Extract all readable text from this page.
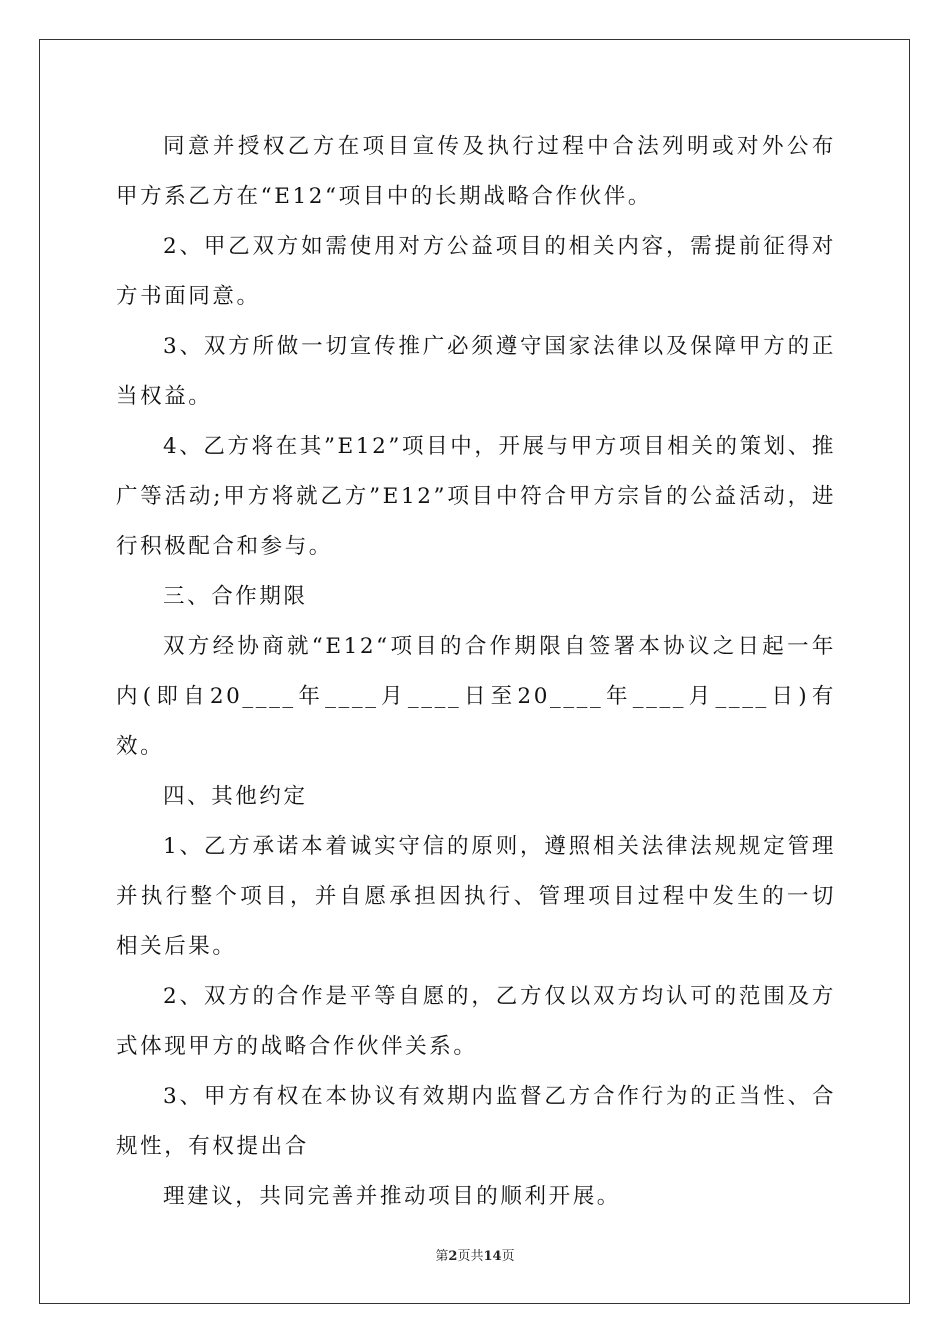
同意并授权乙方在项目宣传及执行过程中合法列明或对外公布甲方系乙方在“E12“项目中的长期战略合作伙伴。

2、甲乙双方如需使用对方公益项目的相关内容，需提前征得对方书面同意。

3、双方所做一切宣传推广必须遵守国家法律以及保障甲方的正当权益。

4、乙方将在其”E12”项目中，开展与甲方项目相关的策划、推广等活动;甲方将就乙方”E12”项目中符合甲方宗旨的公益活动，进行积极配合和参与。

三、合作期限

双方经协商就“E12“项目的合作期限自签署本协议之日起一年内(即自20____年____月____日至20____年____月____日)有效。

四、其他约定

1、乙方承诺本着诚实守信的原则，遵照相关法律法规规定管理并执行整个项目，并自愿承担因执行、管理项目过程中发生的一切相关后果。

2、双方的合作是平等自愿的，乙方仅以双方均认可的范围及方式体现甲方的战略合作伙伴关系。

3、甲方有权在本协议有效期内监督乙方合作行为的正当性、合规性，有权提出合

理建议，共同完善并推动项目的顺利开展。

第2页共14页
